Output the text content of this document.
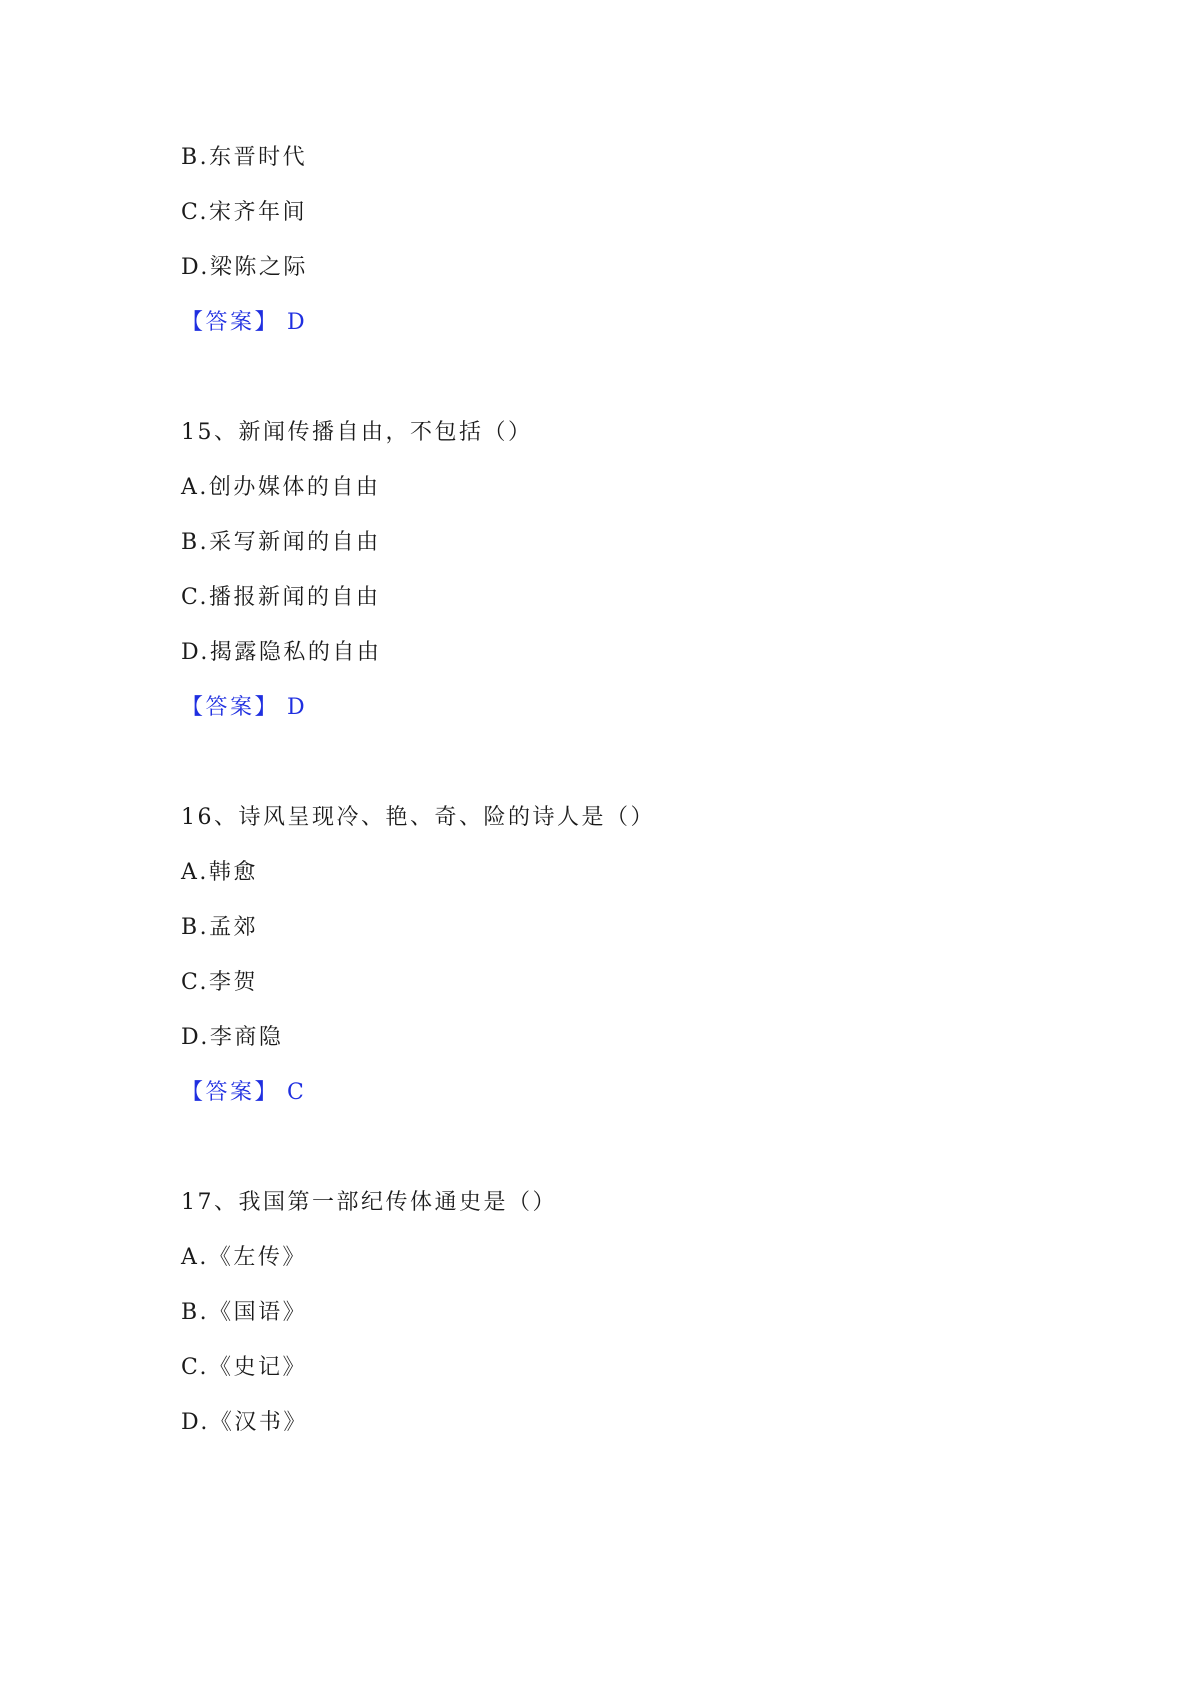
B.东晋时代
C.宋齐年间
D.梁陈之际
【答案】 D
15、新闻传播自由，不包括（）
A.创办媒体的自由
B.采写新闻的自由
C.播报新闻的自由
D.揭露隐私的自由
【答案】 D
16、诗风呈现冷、艳、奇、险的诗人是（）
A.韩愈
B.孟郊
C.李贺
D.李商隐
【答案】 C
17、我国第一部纪传体通史是（）
A.《左传》
B.《国语》
C.《史记》
D.《汉书》
